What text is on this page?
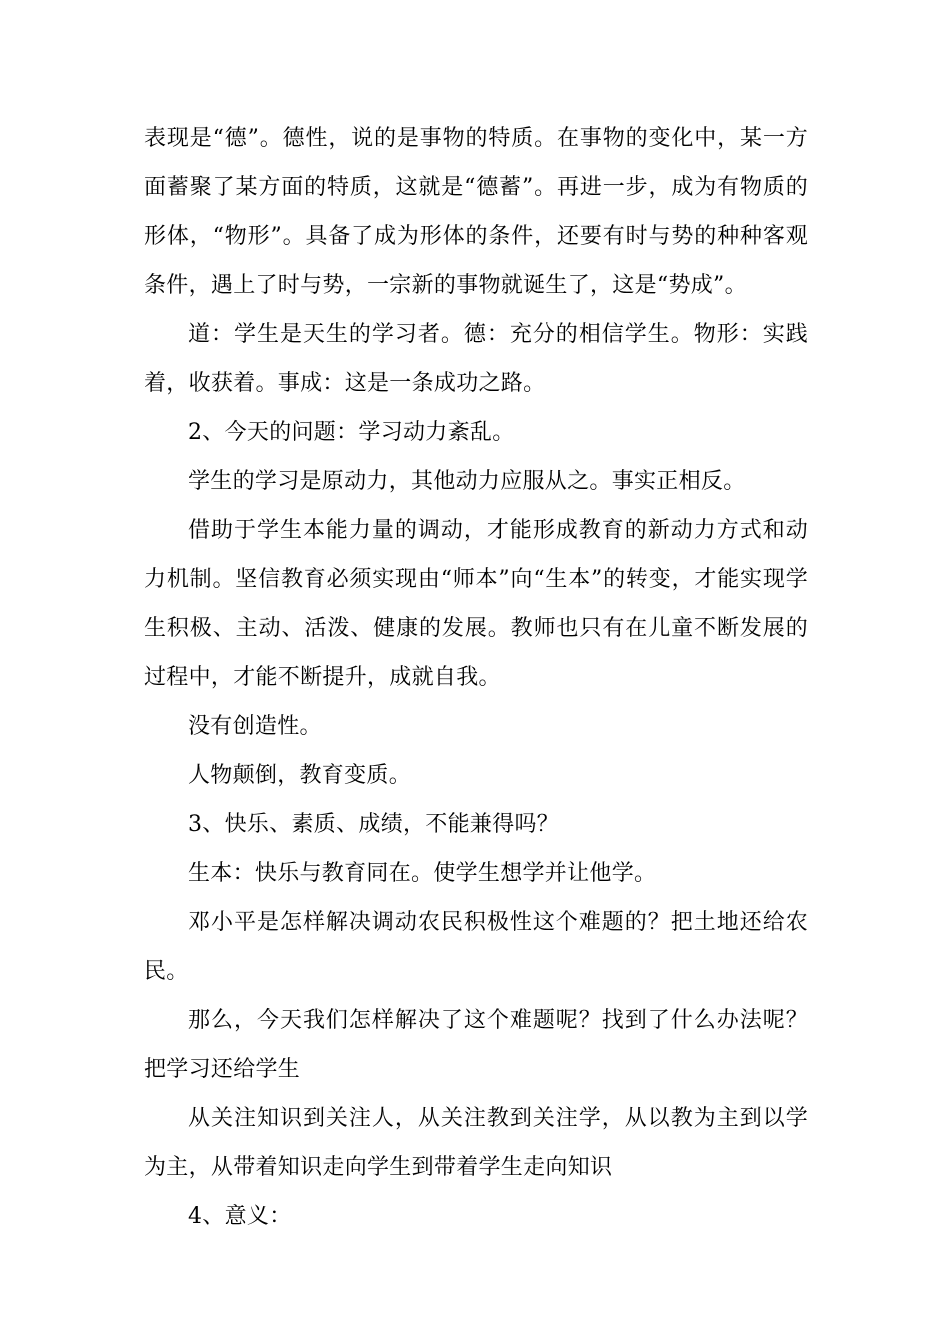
表现是“德”。德性，说的是事物的特质。在事物的变化中，某一方面蓄聚了某方面的特质，这就是“德蓄”。再进一步，成为有物质的形体，“物形”。具备了成为形体的条件，还要有时与势的种种客观条件，遇上了时与势，一宗新的事物就诞生了，这是“势成”。

道：学生是天生的学习者。德：充分的相信学生。物形：实践着，收获着。事成：这是一条成功之路。

2、今天的问题：学习动力紊乱。

学生的学习是原动力，其他动力应服从之。事实正相反。

借助于学生本能力量的调动，才能形成教育的新动力方式和动力机制。坚信教育必须实现由“师本”向“生本”的转变，才能实现学生积极、主动、活泼、健康的发展。教师也只有在儿童不断发展的过程中，才能不断提升，成就自我。

没有创造性。

人物颠倒，教育变质。

3、快乐、素质、成绩，不能兼得吗？

生本：快乐与教育同在。使学生想学并让他学。

邓小平是怎样解决调动农民积极性这个难题的？把土地还给农民。

那么，今天我们怎样解决了这个难题呢？找到了什么办法呢？把学习还给学生

从关注知识到关注人，从关注教到关注学，从以教为主到以学为主，从带着知识走向学生到带着学生走向知识

4、意义：
